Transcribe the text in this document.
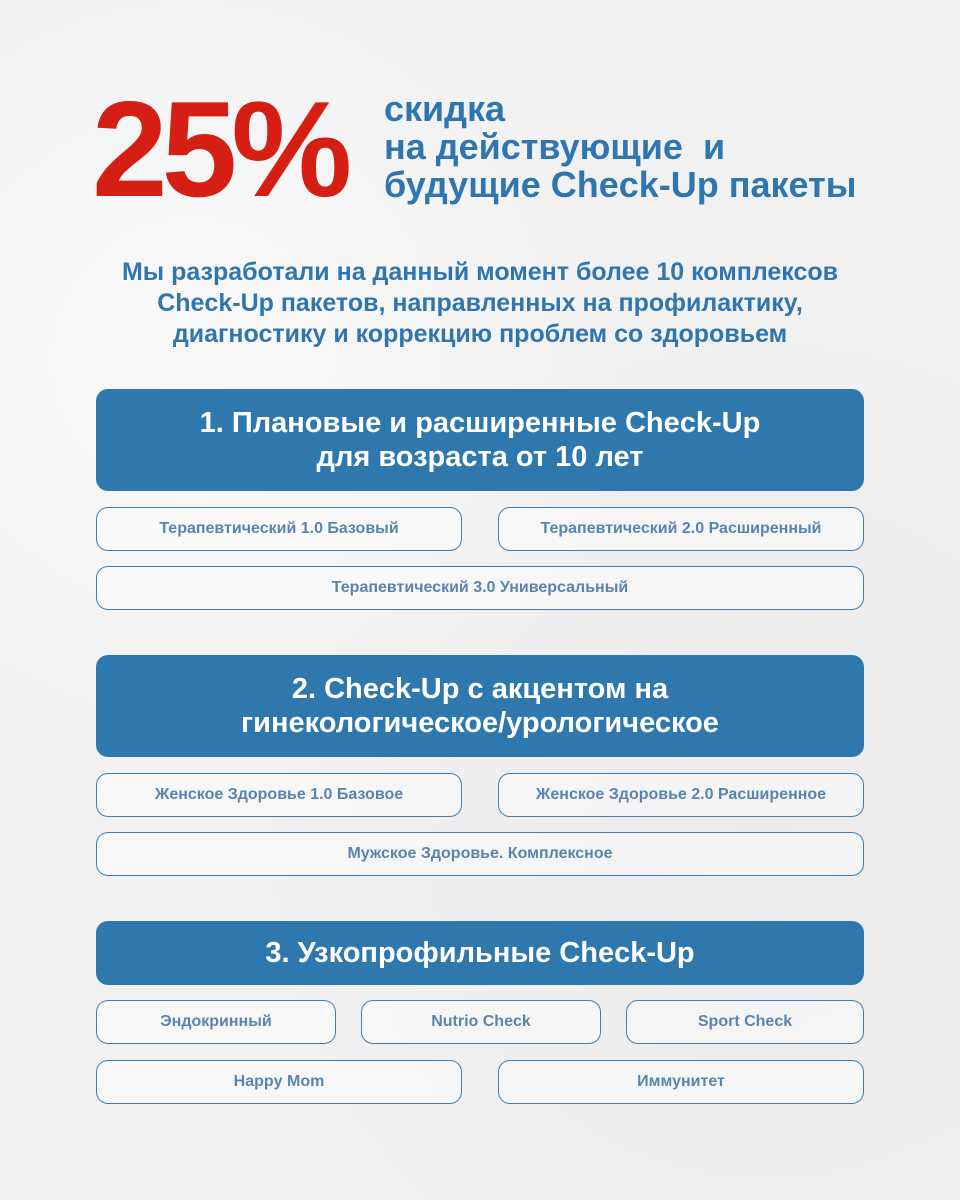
25% скидка
на действующие  и
будущие Check-Up пакеты
Мы разработали на данный момент более 10 комплексов
Check-Up пакетов, направленных на профилактику,
диагностику и коррекцию проблем со здоровьем
1. Плановые и расширенные Check-Up
для возраста от 10 лет
Терапевтический 1.0 Базовый	Терапевтический 2.0 Расширенный
Терапевтический 3.0 Универсальный
2. Check-Up с акцентом на
гинекологическое/урологическое
Женское Здоровье 1.0 Базовое	Женское Здоровье 2.0 Расширенное
Мужское Здоровье. Комплексное
3. Узкопрофильные Check-Up
Эндокринный	Nutrio Check	Sport Check
Happy Mom	Иммунитет
